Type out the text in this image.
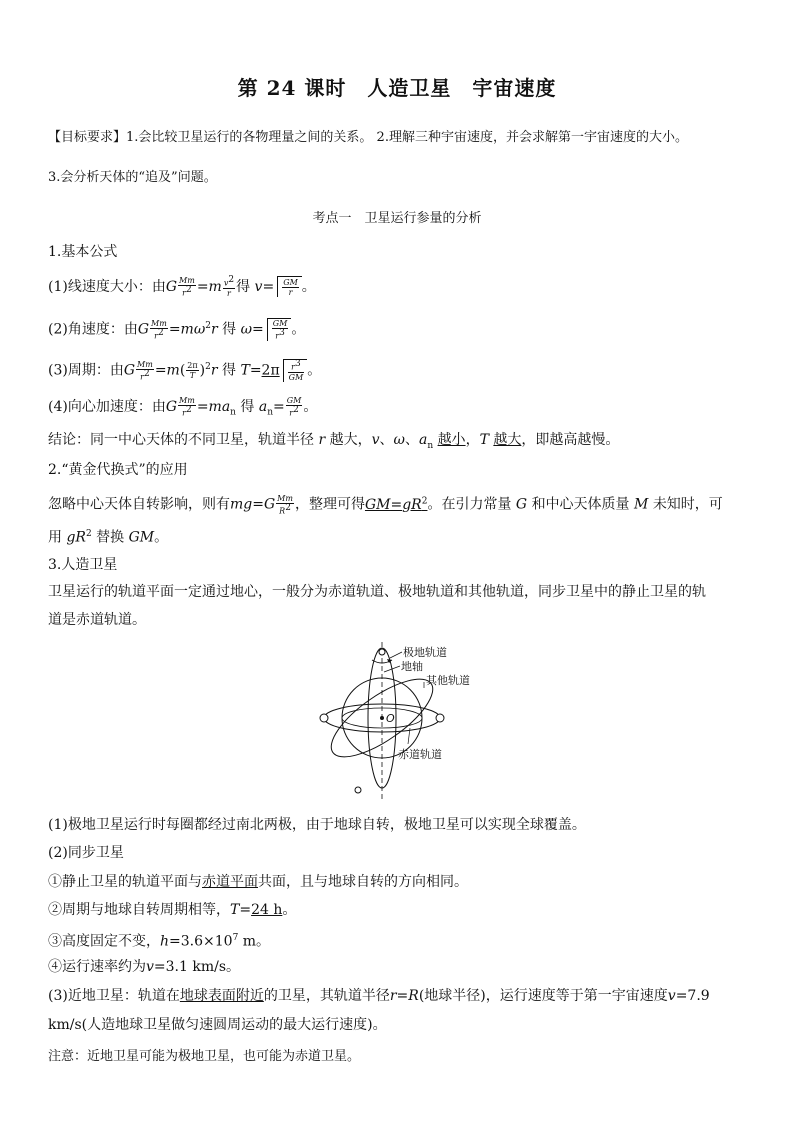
第 24 课时　人造卫星　宇宙速度
【目标要求】1.会比较卫星运行的各物理量之间的关系。 2.理解三种宇宙速度，并会求解第一宇宙速度的大小。
3.会分析天体的“追及”问题。
考点一　卫星运行参量的分析
1.基本公式
(1)线速度大小：由G $\frac{Mm}{r^2} =m \frac{v^2}{r}$ 得 $v= \frac{GM}{r}$ 。
(2)角速度：由G $\frac{Mm}{r^2} =m\omega^2r$ 得 $\omega= \frac{GM}{r^3}$ 。
(3)周期：由G $\frac{Mm}{r^2} =m( \frac{2\pi}{T} )^2r$ 得 $T=2\pi \frac{r^3}{GM}$ 。
(4)向心加速度：由G $\frac{Mm}{r^2} =ma_n$ 得 $a_n= \frac{GM}{r^2}$ 。
结论：同一中心天体的不同卫星，轨道半径 r 越大，v、ω、$a_n$ 越小，T 越大，即越高越慢。
2.“黄金代换式”的应用
忽略中心天体自转影响，则有$mg=G \frac{Mm}{R^2}$ ，整理可得$GM=gR^2$。在引力常量 G 和中心天体质量 M 未知时，可
用 $gR^2$ 替换 GM。
3.人造卫星
卫星运行的轨道平面一定通过地心，一般分为赤道轨道、极地轨道和其他轨道，同步卫星中的静止卫星的轨
道是赤道轨道。
O
极地轨道
地轴
其他轨道
赤道轨道
(1)极地卫星运行时每圈都经过南北两极，由于地球自转，极地卫星可以实现全球覆盖。
(2)同步卫星
①静止卫星的轨道平面与赤道平面共面，且与地球自转的方向相同。
②周期与地球自转周期相等，T=24 h。
③高度固定不变，$h=3.6\times 10^7$ m。
④运行速率约为v=3.1 km/s。
(3)近地卫星：轨道在地球表面附近的卫星，其轨道半径r=R(地球半径)，运行速度等于第一宇宙速度v=7.9
km/s(人造地球卫星做匀速圆周运动的最大运行速度)。
注意：近地卫星可能为极地卫星，也可能为赤道卫星。
